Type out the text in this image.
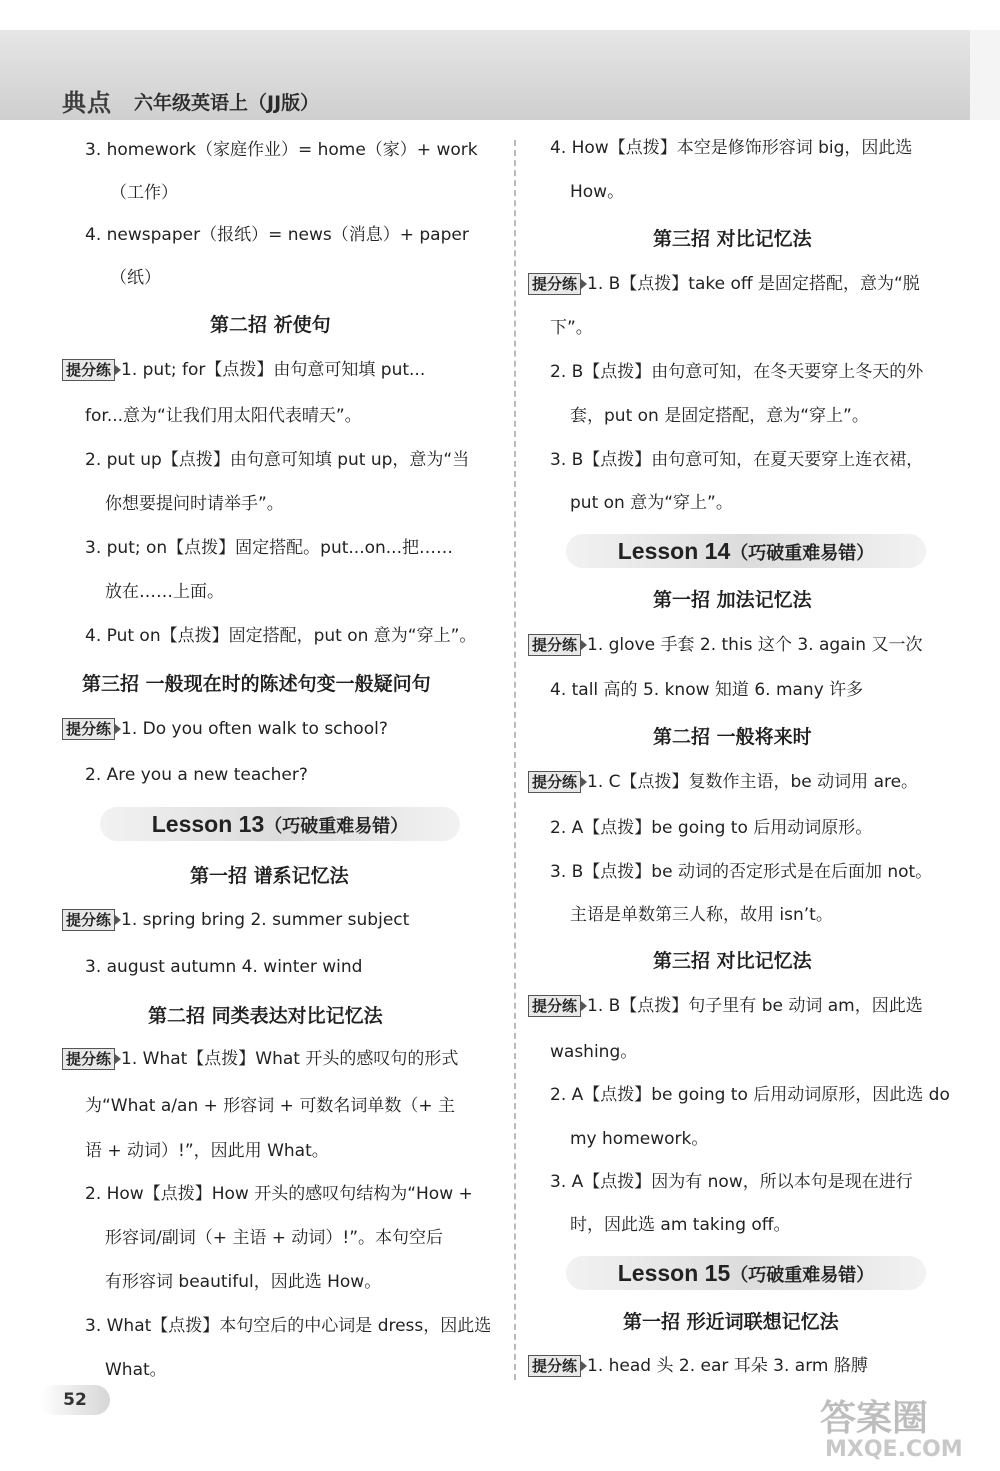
典点 六年级英语上（JJ版）
3. homework（家庭作业）= home（家）+ work
（工作）
4. newspaper（报纸）= news（消息）+ paper
（纸）
第二招 祈使句
提分练 1. put; for【点拨】由句意可知填 put...
for...意为“让我们用太阳代表晴天”。
2. put up【点拨】由句意可知填 put up，意为“当
你想要提问时请举手”。
3. put; on【点拨】固定搭配。put...on...把……
放在……上面。
4. Put on【点拨】固定搭配，put on 意为“穿上”。
第三招 一般现在时的陈述句变一般疑问句
提分练 1. Do you often walk to school?
2. Are you a new teacher?
Lesson 13（巧破重难易错）
第一招 谱系记忆法
提分练 1. spring bring 2. summer subject
3. august autumn 4. winter wind
第二招 同类表达对比记忆法
提分练 1. What【点拨】What 开头的感叹句的形式
为“What a/an + 形容词 + 可数名词单数（+ 主
语 + 动词）!”，因此用 What。
2. How【点拨】How 开头的感叹句结构为“How +
形容词/副词（+ 主语 + 动词）!”。本句空后
有形容词 beautiful，因此选 How。
3. What【点拨】本句空后的中心词是 dress，因此选
What。
4. How【点拨】本空是修饰形容词 big，因此选
How。
第三招 对比记忆法
提分练 1. B【点拨】take off 是固定搭配，意为“脱
下”。
2. B【点拨】由句意可知，在冬天要穿上冬天的外
套，put on 是固定搭配，意为“穿上”。
3. B【点拨】由句意可知，在夏天要穿上连衣裙，
put on 意为“穿上”。
Lesson 14（巧破重难易错）
第一招 加法记忆法
提分练 1. glove 手套 2. this 这个 3. again 又一次
4. tall 高的 5. know 知道 6. many 许多
第二招 一般将来时
提分练 1. C【点拨】复数作主语，be 动词用 are。
2. A【点拨】be going to 后用动词原形。
3. B【点拨】be 动词的否定形式是在后面加 not。
主语是单数第三人称，故用 isn’t。
第三招 对比记忆法
提分练 1. B【点拨】句子里有 be 动词 am，因此选
washing。
2. A【点拨】be going to 后用动词原形，因此选 do
my homework。
3. A【点拨】因为有 now，所以本句是现在进行
时，因此选 am taking off。
Lesson 15（巧破重难易错）
第一招 形近词联想记忆法
提分练 1. head 头 2. ear 耳朵 3. arm 胳膊
52	答案圈
MXQE.COM
